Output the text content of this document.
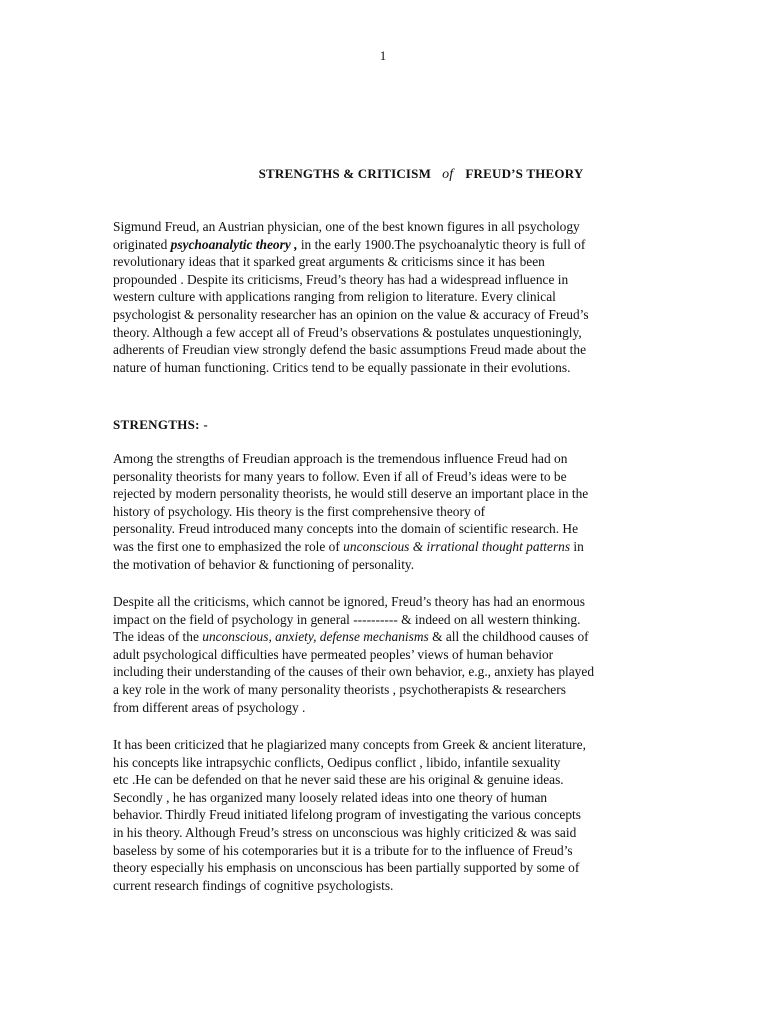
1
STRENGTHS & CRITICISM of FREUD’S THEORY

Sigmund Freud, an Austrian physician, one of the best known figures in all psychology
originated psychoanalytic theory , in the early 1900.The psychoanalytic theory is full of
revolutionary ideas that it sparked great arguments & criticisms since it has been
propounded . Despite its criticisms, Freud’s theory has had a widespread influence in
western culture with applications ranging from religion to literature. Every clinical
psychologist & personality researcher has an opinion on the value & accuracy of Freud’s
theory. Although a few accept all of Freud’s observations & postulates unquestioningly,
adherents of Freudian view strongly defend the basic assumptions Freud made about the
nature of human functioning. Critics tend to be equally passionate in their evolutions.

STRENGTHS: -

Among the strengths of Freudian approach is the tremendous influence Freud had on
personality theorists for many years to follow. Even if all of Freud’s ideas were to be
rejected by modern personality theorists, he would still deserve an important place in the
history of psychology. His theory is the first comprehensive theory of
personality. Freud introduced many concepts into the domain of scientific research. He
was the first one to emphasized the role of unconscious & irrational thought patterns in
the motivation of behavior & functioning of personality.

Despite all the criticisms, which cannot be ignored, Freud’s theory has had an enormous
impact on the field of psychology in general ---------- & indeed on all western thinking.
The ideas of the unconscious, anxiety, defense mechanisms & all the childhood causes of
adult psychological difficulties have permeated peoples’ views of human behavior
including their understanding of the causes of their own behavior, e.g., anxiety has played
a key role in the work of many personality theorists , psychotherapists & researchers
from different areas of psychology .

It has been criticized that he plagiarized many concepts from Greek & ancient literature,
his concepts like intrapsychic conflicts, Oedipus conflict , libido, infantile sexuality
etc .He can be defended on that he never said these are his original & genuine ideas.
Secondly , he has organized many loosely related ideas into one theory of human
behavior. Thirdly Freud initiated lifelong program of investigating the various concepts
in his theory. Although Freud’s stress on unconscious was highly criticized & was said
baseless by some of his cotemporaries but it is a tribute for to the influence of Freud’s
theory especially his emphasis on unconscious has been partially supported by some of
current research findings of cognitive psychologists.
